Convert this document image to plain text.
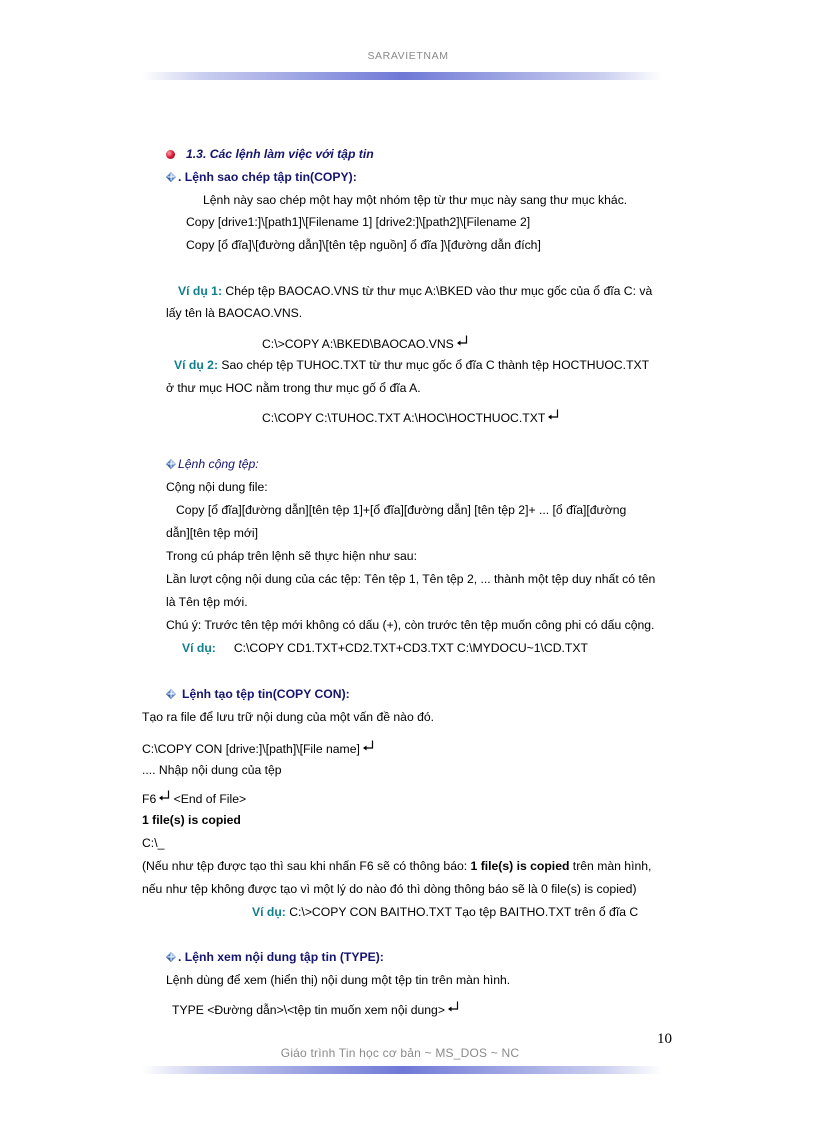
SARAVIETNAM
1.3. Các lệnh làm việc với tập tin
. Lệnh sao chép tập tin(COPY):
Lệnh này sao chép một hay một nhóm tệp từ thư mục này sang thư mục khác.
Copy [drive1:]\[path1]\[Filename 1] [drive2:]\[path2]\[Filename 2]
Copy [ổ đĩa]\[đường dẫn]\[tên tệp nguồn] ổ đĩa ]\[đường dẫn đích]
Ví dụ 1: Chép tệp BAOCAO.VNS từ thư mục A:\BKED vào thư mục gốc của ổ đĩa C: và
lấy tên là BAOCAO.VNS.
C:\>COPY A:\BKED\BAOCAO.VNS
Ví dụ 2: Sao chép tệp TUHOC.TXT từ thư mục gốc ổ đĩa C thành tệp HOCTHUOC.TXT
ở thư mục HOC nằm trong thư mục gố ổ đĩa A.
C:\COPY C:\TUHOC.TXT A:\HOC\HOCTHUOC.TXT
Lệnh cộng tệp:
Cộng nội dung file:
Copy [ổ đĩa][đường dẫn][tên tệp 1]+[ổ đĩa][đường dẫn] [tên tệp 2]+ ... [ổ đĩa][đường
dẫn][tên tệp mới]
Trong cú pháp trên lệnh sẽ thực hiện như sau:
Lần lượt cộng nội dung của các tệp: Tên tệp 1, Tên tệp 2, ... thành một tệp duy nhất có tên
là Tên tệp mới.
Chú ý: Trước tên tệp mới không có dấu (+), còn trước tên tệp muốn công phi có dấu cộng.
Ví dụ: C:\COPY CD1.TXT+CD2.TXT+CD3.TXT C:\MYDOCU~1\CD.TXT
Lệnh tạo tệp tin(COPY CON):
Tạo ra file để lưu trữ nội dung của một vấn đề nào đó.
C:\COPY CON [drive:]\[path]\[File name]
.... Nhập nội dung của tệp
F6 <End of File>
1 file(s) is copied
C:\_
(Nếu như tệp được tạo thì sau khi nhấn F6 sẽ có thông báo: 1 file(s) is copied trên màn hình,
nếu như tệp không được tạo vì một lý do nào đó thì dòng thông báo sẽ là 0 file(s) is copied)
Ví dụ: C:\>COPY CON BAITHO.TXT Tạo tệp BAITHO.TXT trên ổ đĩa C
. Lệnh xem nội dung tập tin (TYPE):
Lệnh dùng để xem (hiển thị) nội dung một tệp tin trên màn hình.
TYPE <Đường dẫn>\<tệp tin muốn xem nội dung>
10
Giáo trình Tin học cơ bản ~ MS_DOS ~ NC
